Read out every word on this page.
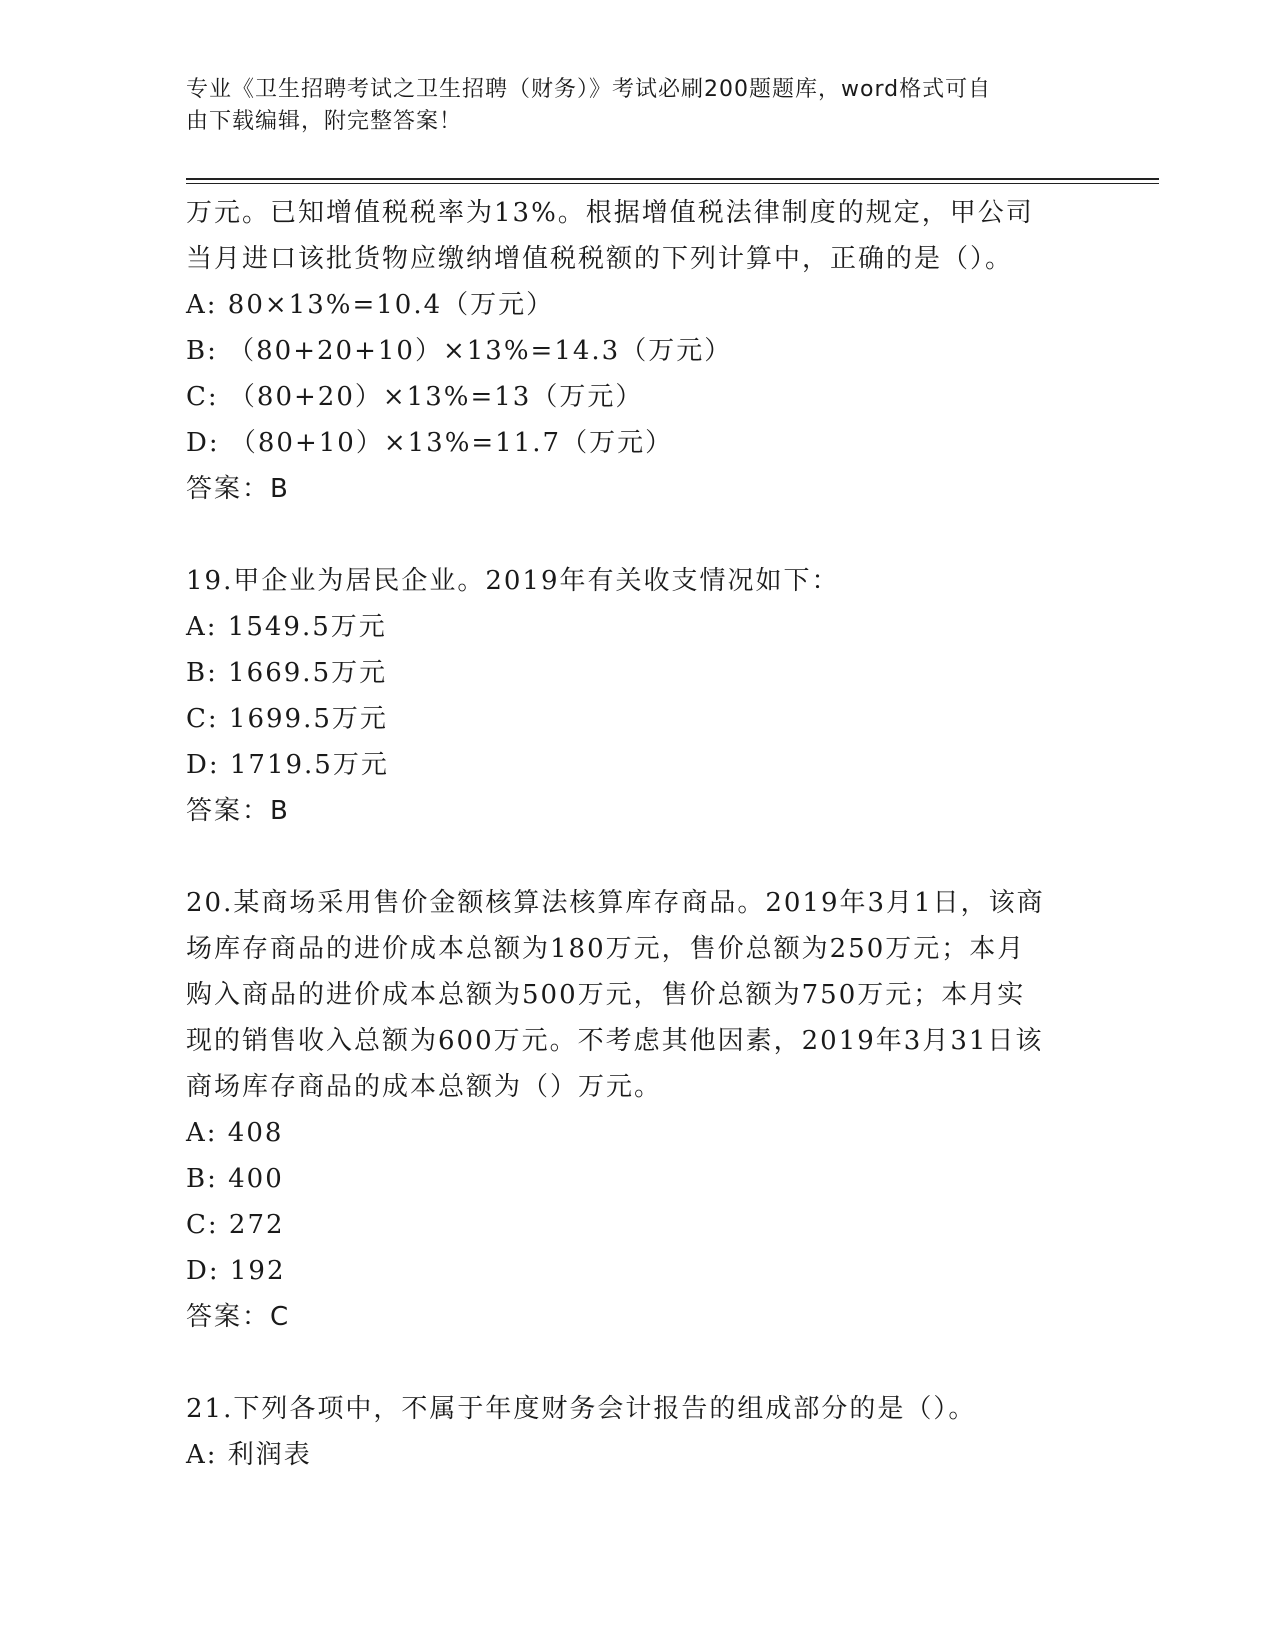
专业《卫生招聘考试之卫生招聘（财务）》考试必刷200题题库，word格式可自
由下载编辑，附完整答案！
万元。已知增值税税率为13%。根据增值税法律制度的规定，甲公司
当月进口该批货物应缴纳增值税税额的下列计算中，正确的是（）。
A: 80×13%=10.4（万元）
B: （80+20+10）×13%=14.3（万元）
C: （80+20）×13%=13（万元）
D: （80+10）×13%=11.7（万元）
答案：B
19.甲企业为居民企业。2019年有关收支情况如下：
A: 1549.5万元
B: 1669.5万元
C: 1699.5万元
D: 1719.5万元
答案：B
20.某商场采用售价金额核算法核算库存商品。2019年3月1日，该商
场库存商品的进价成本总额为180万元，售价总额为250万元；本月
购入商品的进价成本总额为500万元，售价总额为750万元；本月实
现的销售收入总额为600万元。不考虑其他因素，2019年3月31日该
商场库存商品的成本总额为（）万元。
A: 408
B: 400
C: 272
D: 192
答案：C
21.下列各项中，不属于年度财务会计报告的组成部分的是（）。
A: 利润表
